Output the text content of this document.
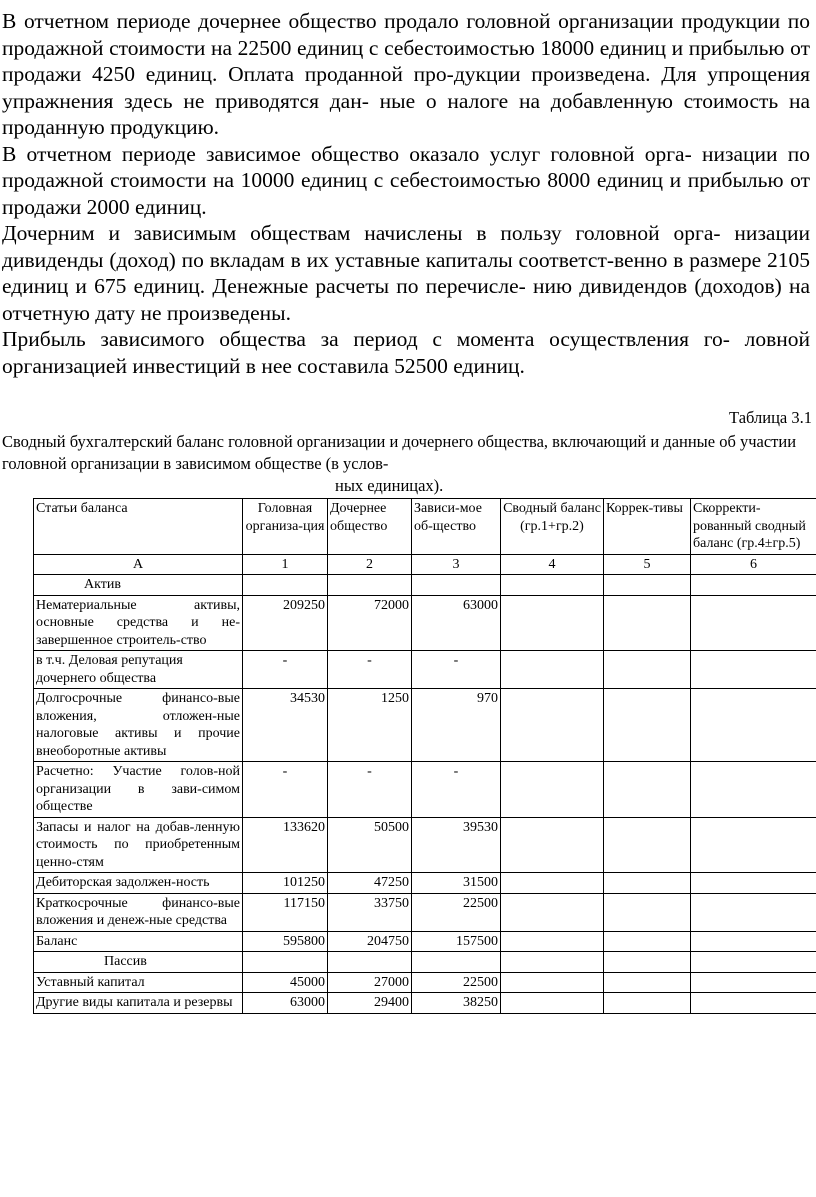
В отчетном периоде дочернее общество продало головной организации продукции по продажной стоимости на 22500 единиц с себестоимостью 18000 единиц и прибылью от продажи 4250 единиц. Оплата проданной про-дукции произведена. Для упрощения упражнения здесь не приводятся дан- ные о налоге на добавленную стоимость на проданную продукцию.

В отчетном периоде зависимое общество оказало услуг головной орга- низации по продажной стоимости на 10000 единиц с себестоимостью 8000 единиц и прибылью от продажи 2000 единиц.

Дочерним и зависимым обществам начислены в пользу головной орга- низации дивиденды (доход) по вкладам в их уставные капиталы соответст-венно в размере 2105 единиц и 675 единиц. Денежные расчеты по перечисле- нию дивидендов (доходов) на отчетную дату не произведены.

Прибыль зависимого общества за период с момента осуществления го- ловной организацией инвестиций в нее составила 52500 единиц.

Таблица 3.1
Сводный бухгалтерский баланс головной организации и дочернего общества, включающий и данные об участии головной организации в зависимом обществе (в услов-
ных единицах).
Статьи баланса	Головная организа-ция	Дочернее общество	Зависи-мое об-щество	Сводный баланс (гр.1+гр.2)	Коррек-тивы	Скорректи-рованный сводный баланс (гр.4±гр.5)
А	1	2	3	4	5	6
Актив						
Нематериальные активы, основные средства и не-завершенное строитель-ство	209250	72000	63000			
в т.ч. Деловая репутация дочернего общества	-	-	-			
Долгосрочные финансо-вые вложения, отложен-ные налоговые активы и прочие внеоборотные активы	34530	1250	970			
Расчетно: Участие голов-ной организации в зави-симом обществе	-	-	-			
Запасы и налог на добав-ленную стоимость по приобретенным ценно-стям	133620	50500	39530			
Дебиторская задолжен-ность	101250	47250	31500			
Краткосрочные финансо-вые вложения и денеж-ные средства	117150	33750	22500			
Баланс	595800	204750	157500			
Пассив						
Уставный капитал	45000	27000	22500			
Другие виды капитала и резервы	63000	29400	38250			
